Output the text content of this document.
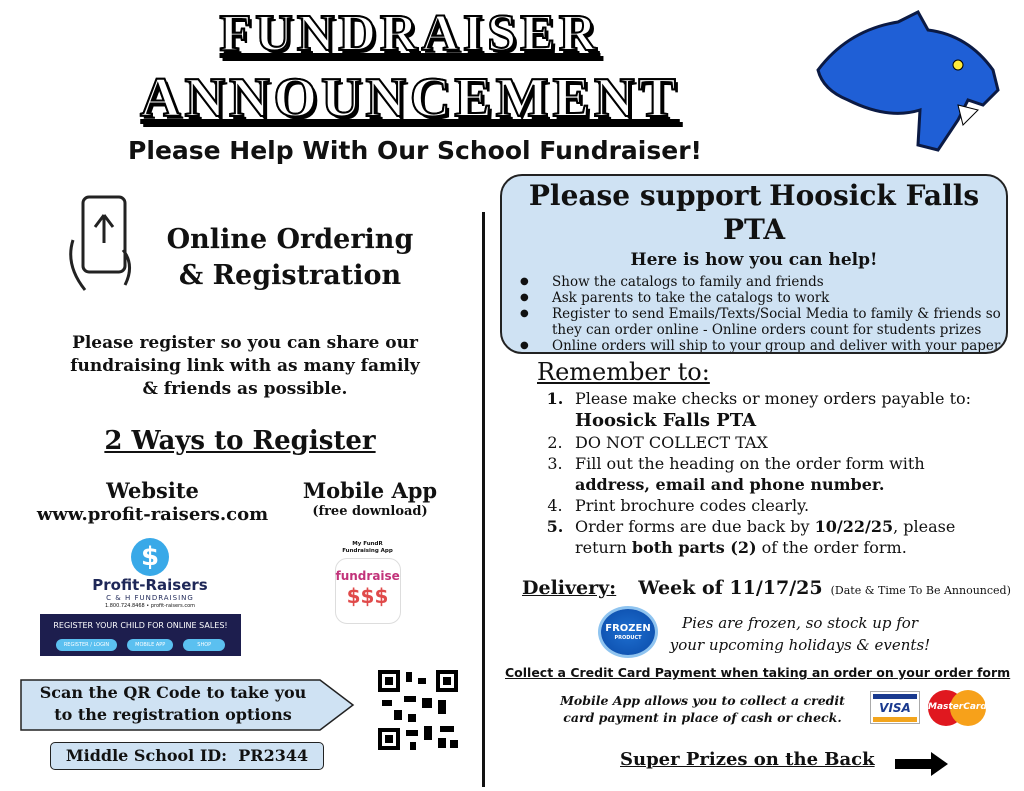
FUNDRAISER
ANNOUNCEMENT
Please Help With Our School Fundraiser!
Online Ordering
& Registration
Please register so you can share our fundraising link with as many family & friends as possible.
2 Ways to Register
Website
www.profit-raisers.com
Mobile App
(free download)
$
Profit-Raisers
C & H FUNDRAISING
1.800.724.8468 • profit-raisers.com
REGISTER YOUR CHILD FOR ONLINE SALES!
REGISTER / LOGIN	MOBILE APP	SHOP
My FundR
Fundraising App
fundraise
$$$
Scan the QR Code to take you to the registration options
Middle School ID: PR2344
Please support Hoosick Falls PTA
Here is how you can help!
● Show the catalogs to family and friends
● Ask parents to take the catalogs to work
● Register to send Emails/Texts/Social Media to family & friends so they can order online - Online orders count for students prizes
● Online orders will ship to your group and deliver with your paper
Remember to:
1. Please make checks or money orders payable to:
Hoosick Falls PTA
2. DO NOT COLLECT TAX
3. Fill out the heading on the order form with
address, email and phone number.
4. Print brochure codes clearly.
5. Order forms are due back by 10/22/25, please return both parts (2) of the order form.
Delivery: Week of 11/17/25 (Date & Time To Be Announced)
FROZEN
PRODUCT
Pies are frozen, so stock up for your upcoming holidays & events!
Collect a Credit Card Payment when taking an order on your order form
Mobile App allows you to collect a credit card payment in place of cash or check.
VISA	MasterCard
Super Prizes on the Back
